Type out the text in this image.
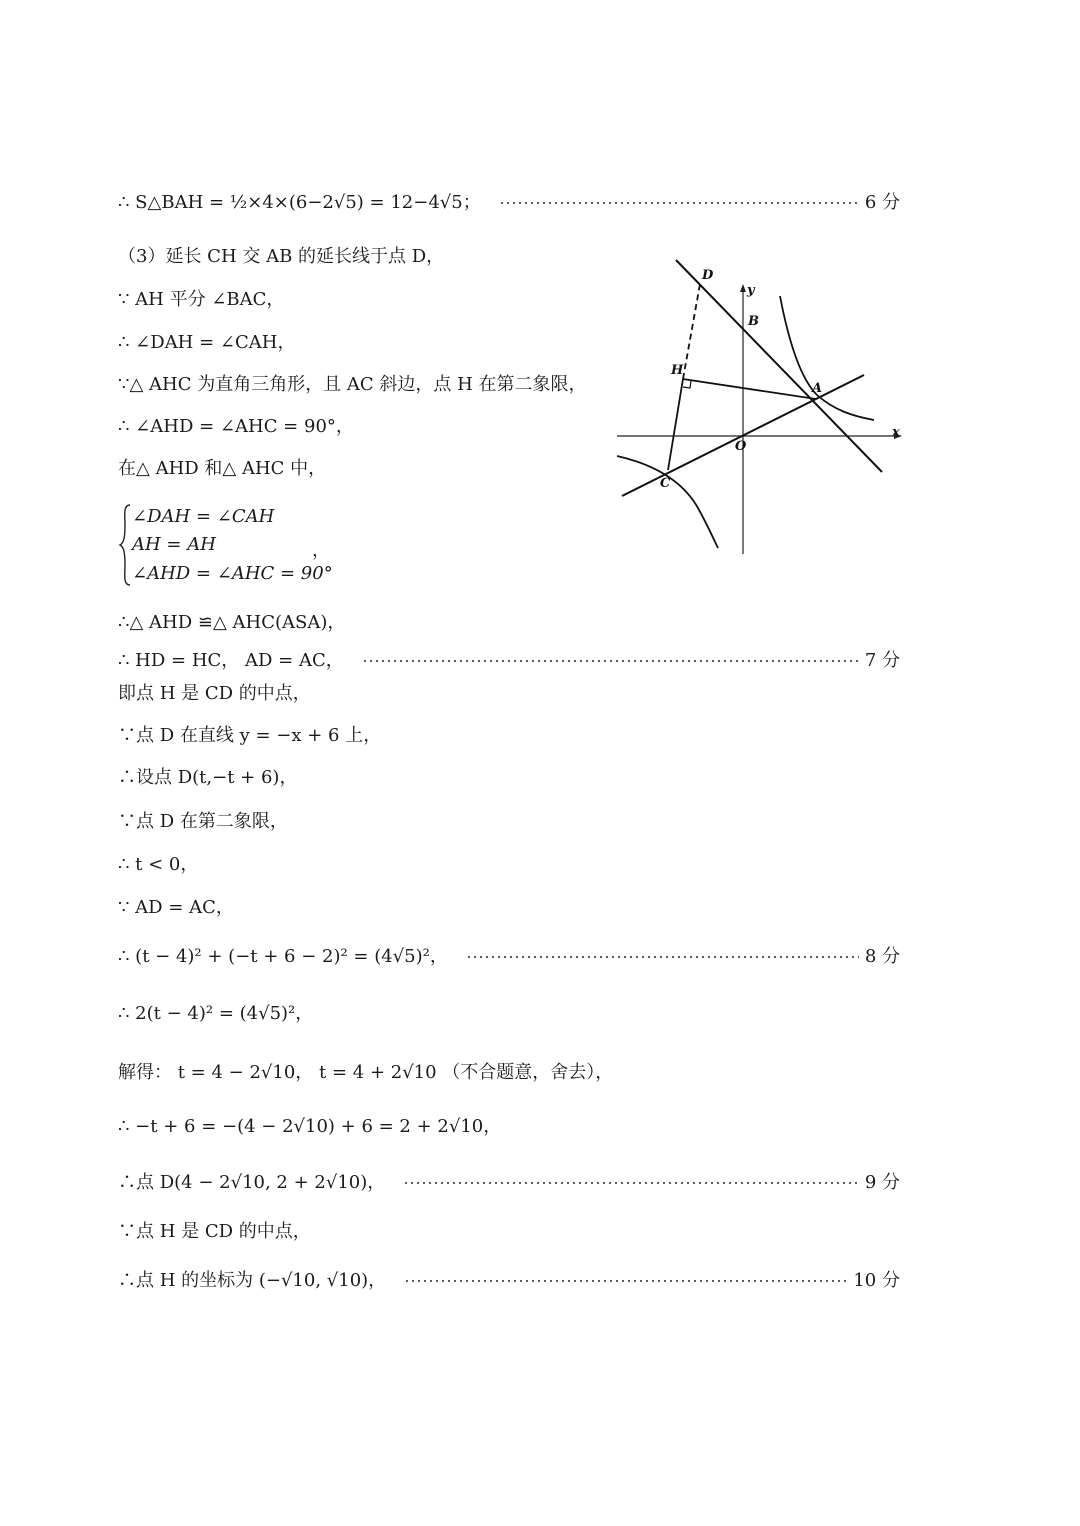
∴ S△BAH = ½×4×(6−2√5) = 12−4√5；	6 分
（3）延长 CH 交 AB 的延长线于点 D，
∵ AH 平分 ∠BAC，
∴ ∠DAH = ∠CAH，
∵△ AHC 为直角三角形，且 AC 斜边，点 H 在第二象限，
∴ ∠AHD = ∠AHC = 90°，
在△ AHD 和△ AHC 中，
∠DAH = ∠CAH
AH = AH
∠AHD = ∠AHC = 90°
，
∴△ AHD ≌△ AHC(ASA)，
∴ HD = HC， AD = AC，	7 分
即点 H 是 CD 的中点，
∵点 D 在直线 y = −x + 6 上，
∴设点 D(t,−t + 6)，
∵点 D 在第二象限，
∴ t < 0，
∵ AD = AC，
∴ (t − 4)² + (−t + 6 − 2)² = (4√5)²，	8 分
∴ 2(t − 4)² = (4√5)²，
解得： t = 4 − 2√10， t = 4 + 2√10 （不合题意，舍去），
∴ −t + 6 = −(4 − 2√10) + 6 = 2 + 2√10，
∴点 D(4 − 2√10, 2 + 2√10)，	9 分
∵点 H 是 CD 的中点，
∴点 H 的坐标为 (−√10, √10)，	10 分
D
y
B
H
A
O
x
C
